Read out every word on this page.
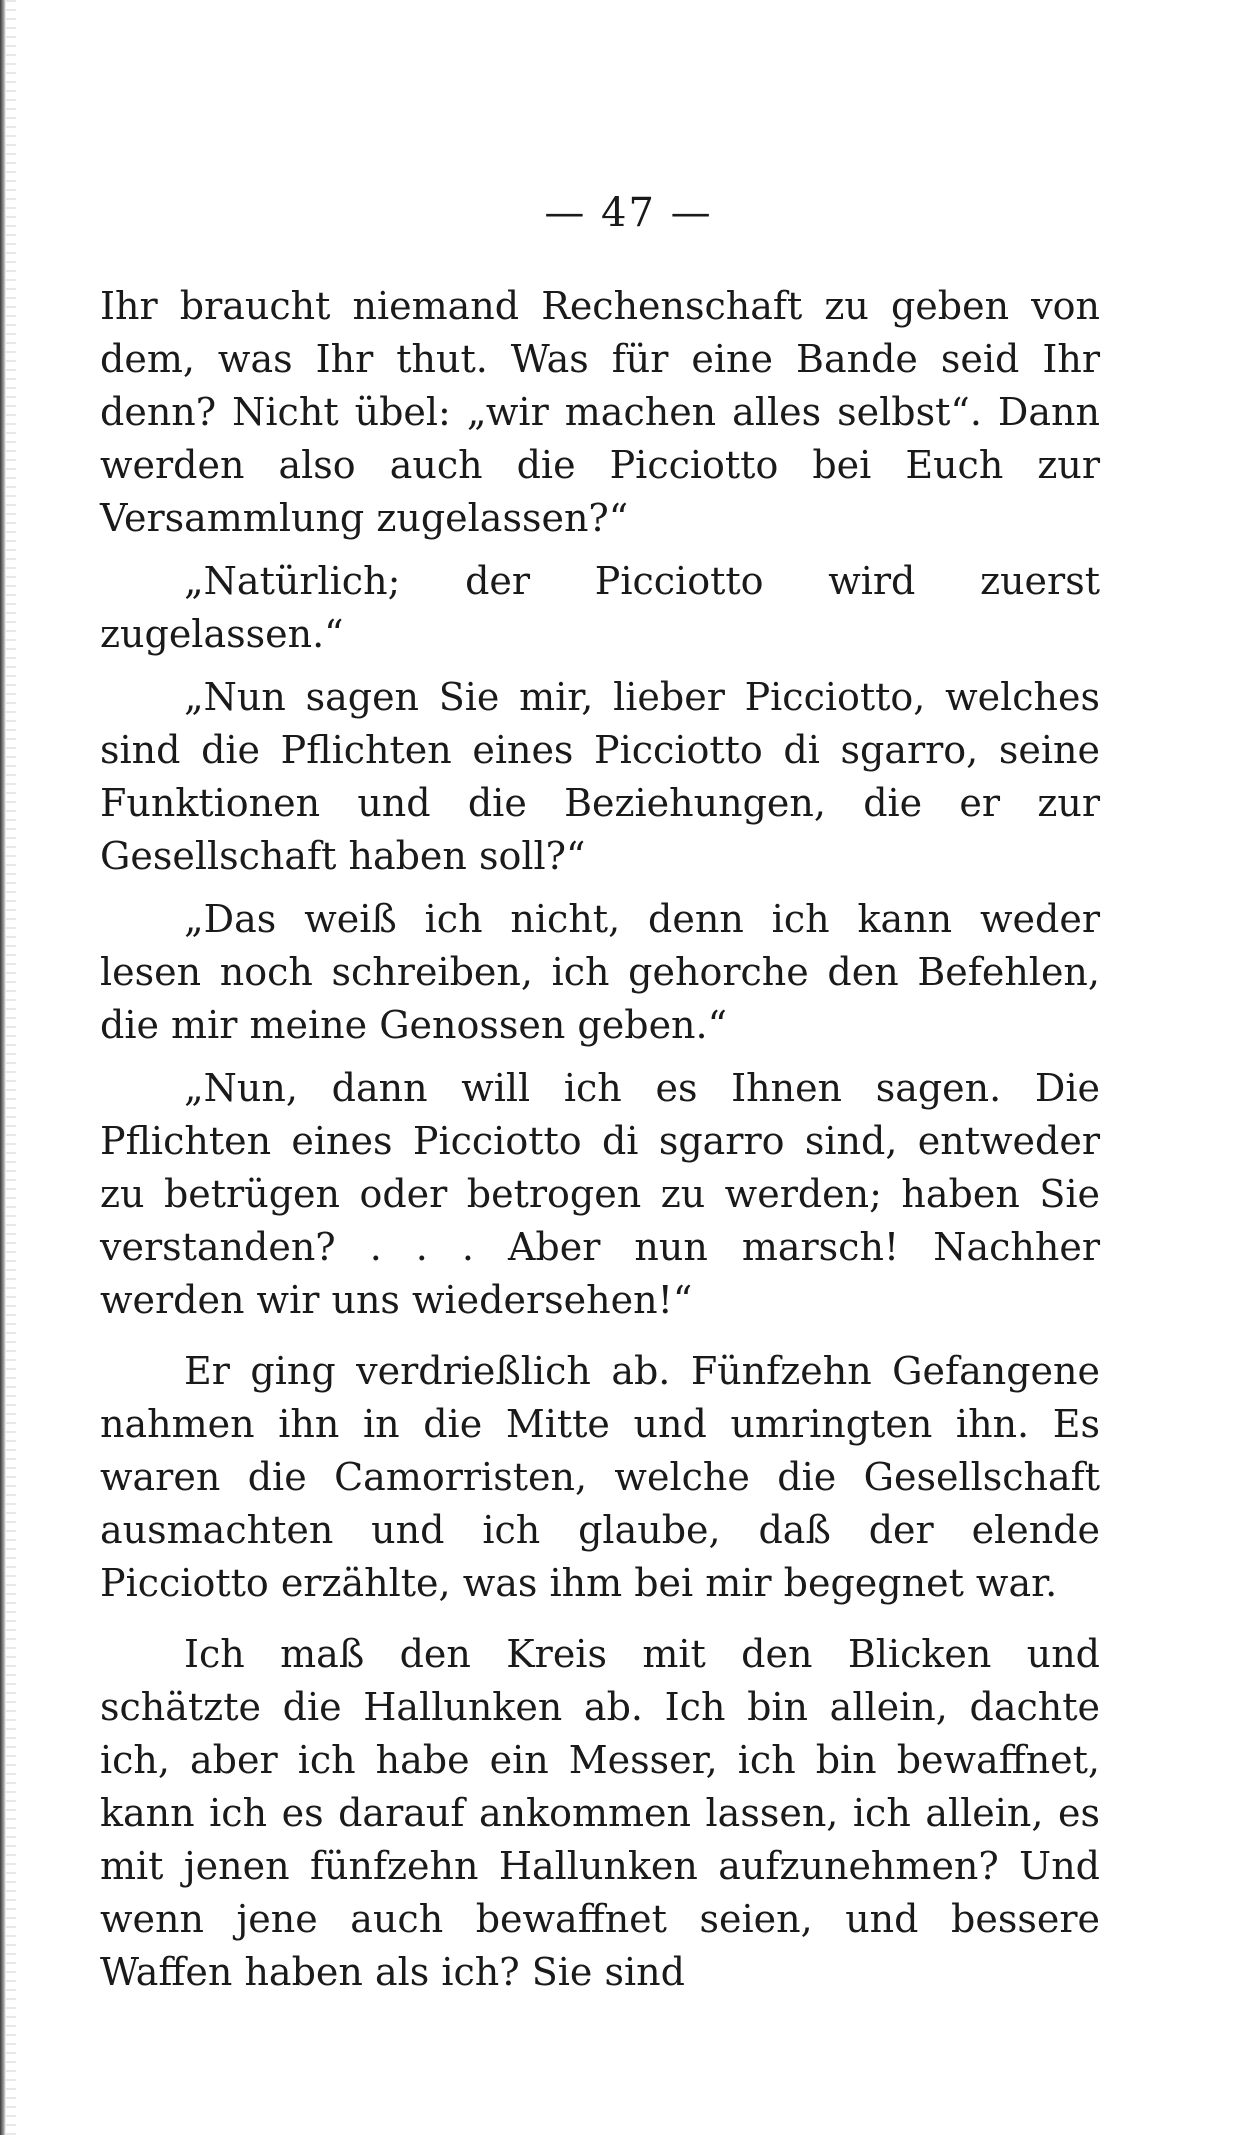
— 47 —

Ihr braucht niemand Rechenschaft zu geben von dem, was Ihr thut. Was für eine Bande seid Ihr denn? Nicht übel: „wir machen alles selbst“. Dann werden also auch die Picciotto bei Euch zur Versammlung zugelassen?“

„Natürlich; der Picciotto wird zuerst zugelassen.“

„Nun sagen Sie mir, lieber Picciotto, welches sind die Pflichten eines Picciotto di sgarro, seine Funktionen und die Beziehungen, die er zur Gesellschaft haben soll?“

„Das weiß ich nicht, denn ich kann weder lesen noch schreiben, ich gehorche den Befehlen, die mir meine Genossen geben.“

„Nun, dann will ich es Ihnen sagen. Die Pflichten eines Picciotto di sgarro sind, entweder zu betrügen oder betrogen zu werden; haben Sie verstanden? . . . Aber nun marsch! Nachher werden wir uns wiedersehen!“

Er ging verdrießlich ab. Fünfzehn Gefangene nahmen ihn in die Mitte und umringten ihn. Es waren die Camorristen, welche die Gesellschaft ausmachten und ich glaube, daß der elende Picciotto erzählte, was ihm bei mir begegnet war.

Ich maß den Kreis mit den Blicken und schätzte die Hallunken ab. Ich bin allein, dachte ich, aber ich habe ein Messer, ich bin bewaffnet, kann ich es darauf ankommen lassen, ich allein, es mit jenen fünfzehn Hallunken aufzunehmen? Und wenn jene auch bewaffnet seien, und bessere Waffen haben als ich? Sie sind
